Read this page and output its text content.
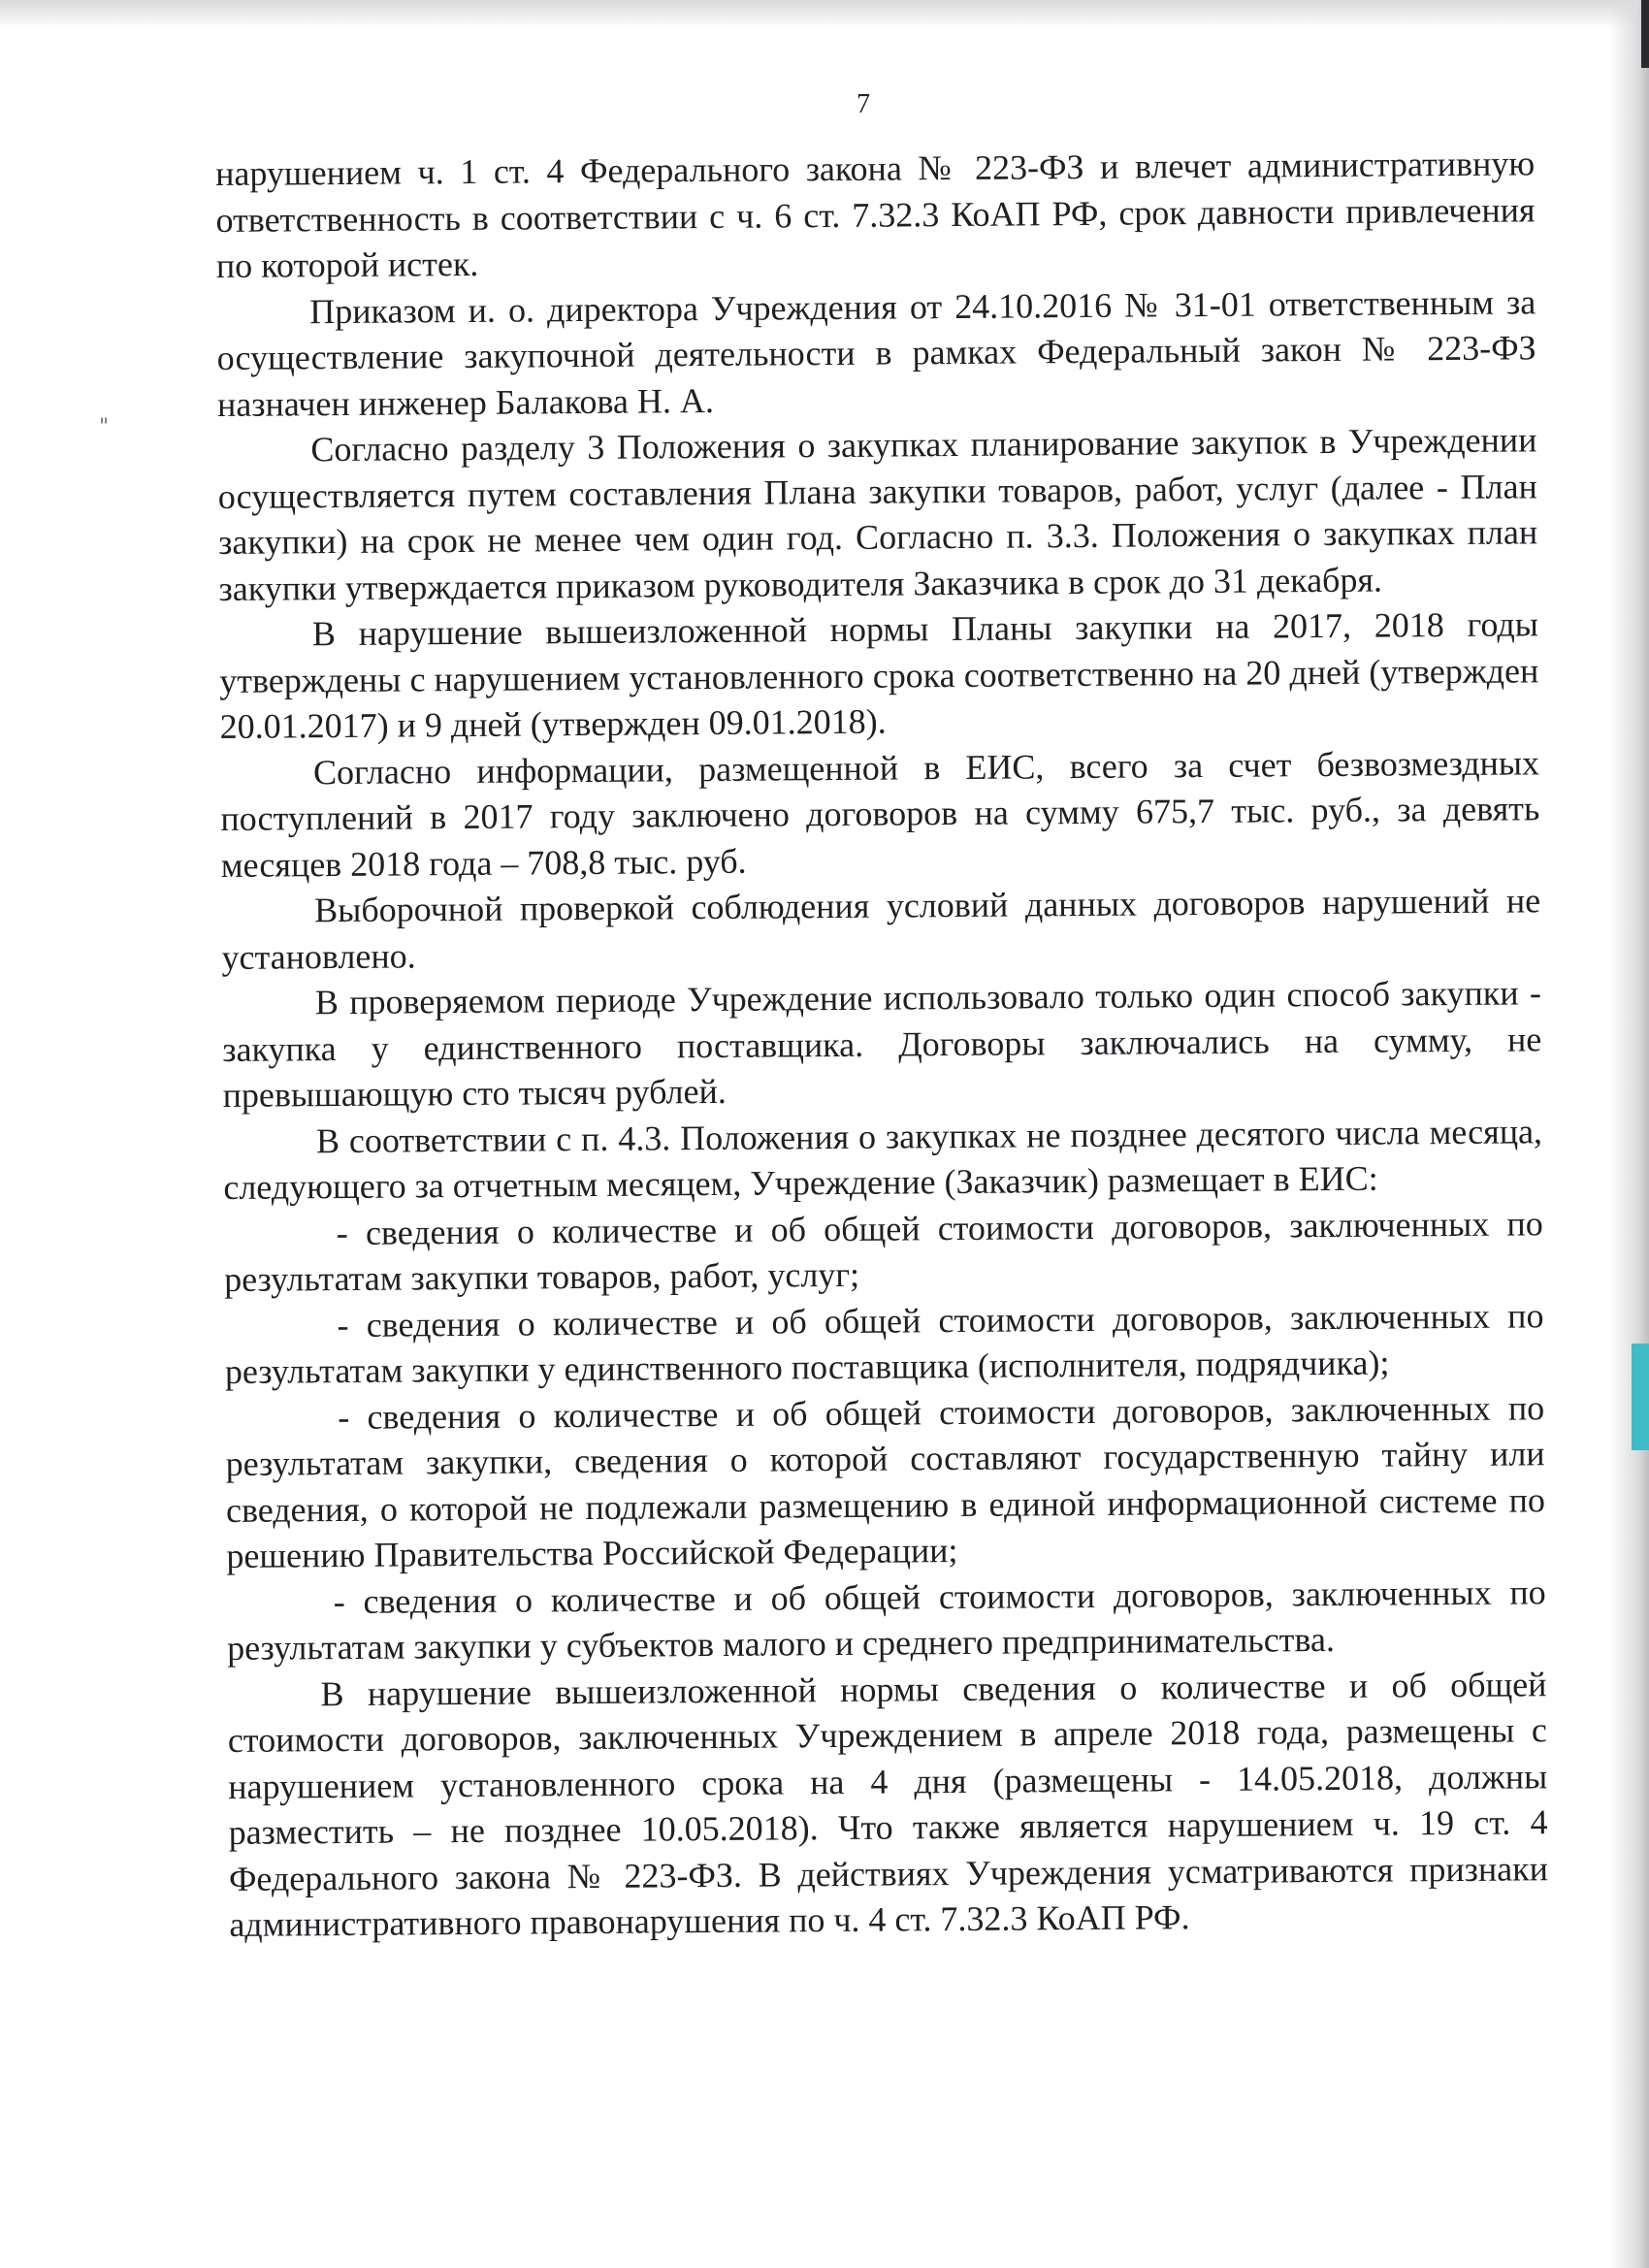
"
7

нарушением ч. 1 ст. 4 Федерального закона № 223-ФЗ и влечет административную ответственность в соответствии с ч. 6 ст. 7.32.3 КоАП РФ, срок давности привлечения по которой истек.

Приказом и. о. директора Учреждения от 24.10.2016 № 31-01 ответственным за осуществление закупочной деятельности в рамках Федеральный закон № 223-ФЗ назначен инженер Балакова Н. А.

Согласно разделу 3 Положения о закупках планирование закупок в Учреждении осуществляется путем составления Плана закупки товаров, работ, услуг (далее - План закупки) на срок не менее чем один год. Согласно п. 3.3. Положения о закупках план закупки утверждается приказом руководителя Заказчика в срок до 31 декабря.

В нарушение вышеизложенной нормы Планы закупки на 2017, 2018 годы утверждены с нарушением установленного срока соответственно на 20 дней (утвержден 20.01.2017) и 9 дней (утвержден 09.01.2018).

Согласно информации, размещенной в ЕИС, всего за счет безвозмездных поступлений в 2017 году заключено договоров на сумму 675,7 тыс. руб., за девять месяцев 2018 года – 708,8 тыс. руб.

Выборочной проверкой соблюдения условий данных договоров нарушений не установлено.

В проверяемом периоде Учреждение использовало только один способ закупки - закупка у единственного поставщика. Договоры заключались на сумму, не превышающую сто тысяч рублей.

В соответствии с п. 4.3. Положения о закупках не позднее десятого числа месяца, следующего за отчетным месяцем, Учреждение (Заказчик) размещает в ЕИС:

- сведения о количестве и об общей стоимости договоров, заключенных по результатам закупки товаров, работ, услуг;

- сведения о количестве и об общей стоимости договоров, заключенных по результатам закупки у единственного поставщика (исполнителя, подрядчика);

- сведения о количестве и об общей стоимости договоров, заключенных по результатам закупки, сведения о которой составляют государственную тайну или сведения, о которой не подлежали размещению в единой информационной системе по решению Правительства Российской Федерации;

- сведения о количестве и об общей стоимости договоров, заключенных по результатам закупки у субъектов малого и среднего предпринимательства.

В нарушение вышеизложенной нормы сведения о количестве и об общей стоимости договоров, заключенных Учреждением в апреле 2018 года, размещены с нарушением установленного срока на 4 дня (размещены - 14.05.2018, должны разместить – не позднее 10.05.2018). Что также является нарушением ч. 19 ст. 4 Федерального закона № 223-ФЗ. В действиях Учреждения усматриваются признаки административного правонарушения по ч. 4 ст. 7.32.3 КоАП РФ.
